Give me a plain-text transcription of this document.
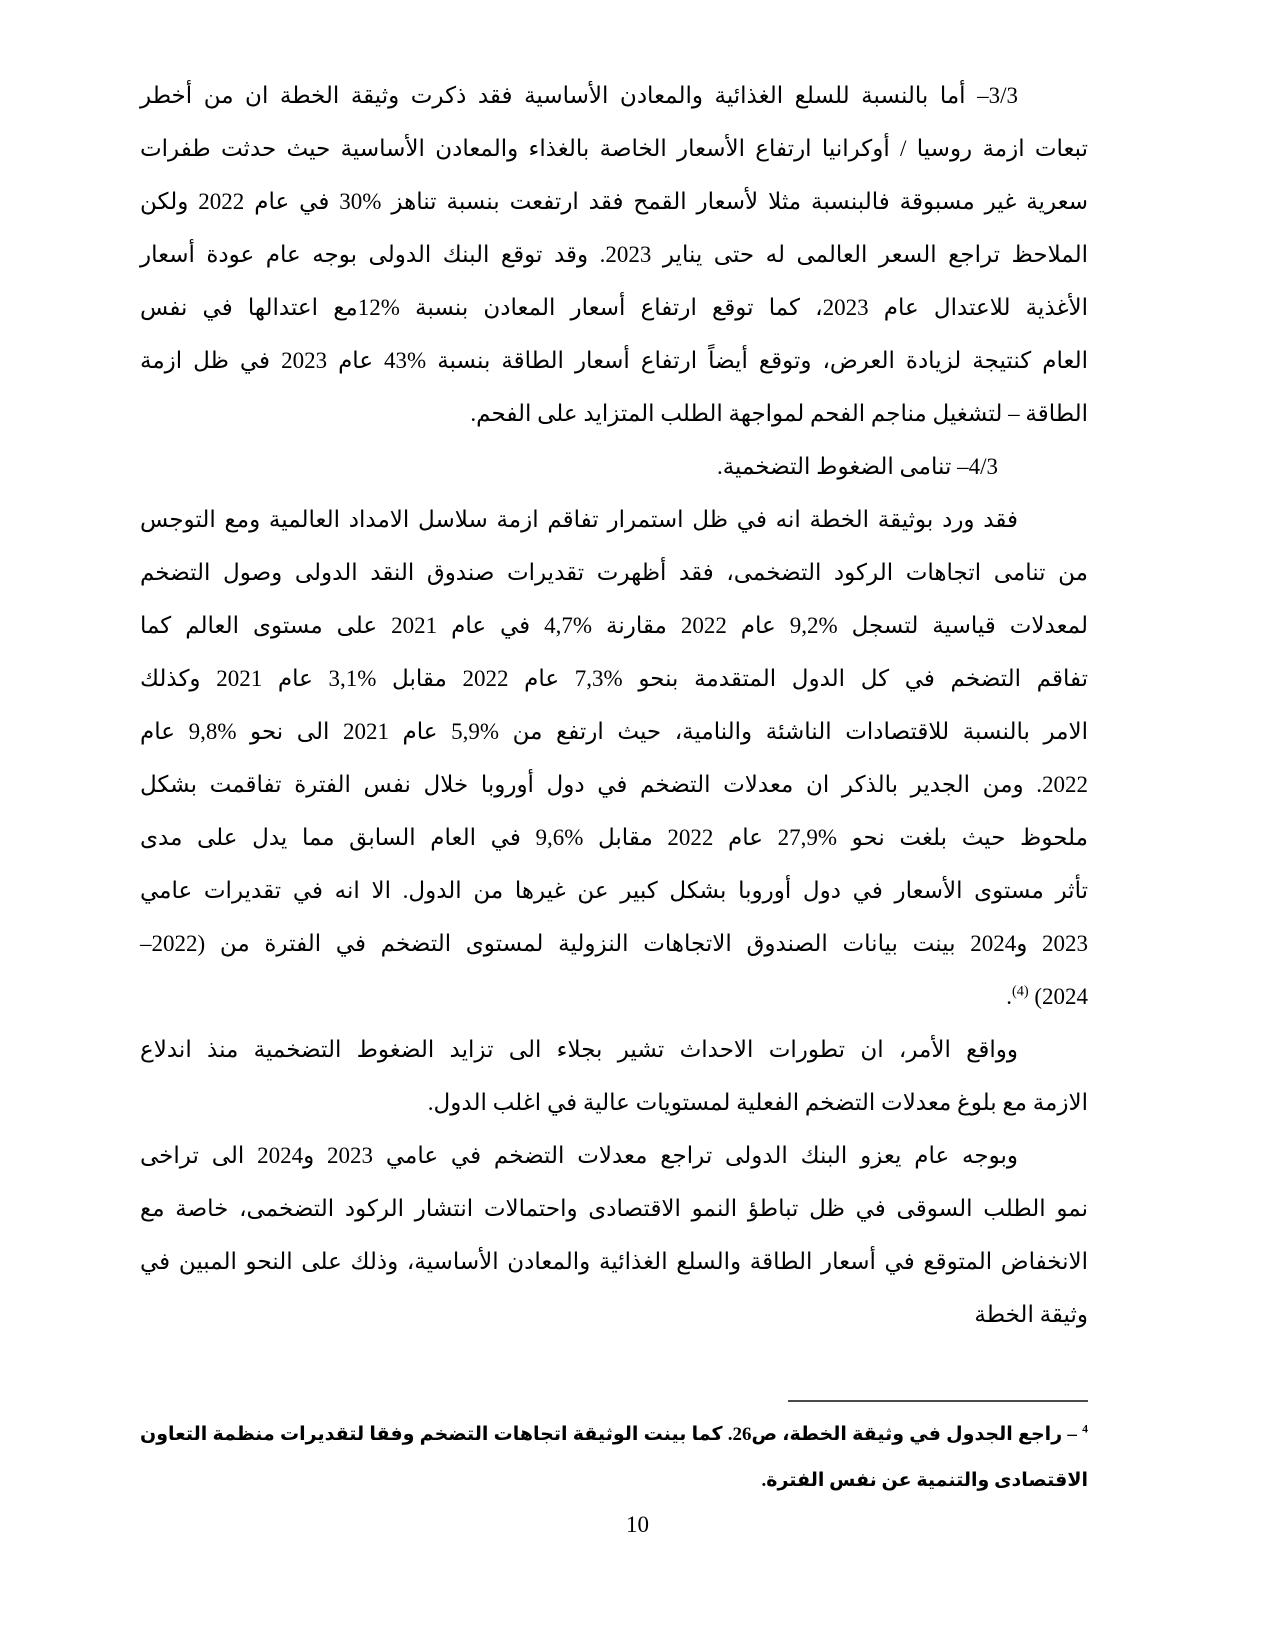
3/3– أما بالنسبة للسلع الغذائية والمعادن الأساسية فقد ذكرت وثيقة الخطة ان من أخطر
تبعات ازمة روسيا / أوكرانيا ارتفاع الأسعار الخاصة بالغذاء والمعادن الأساسية حيث حدثت طفرات
سعرية غير مسبوقة فالبنسبة مثلا لأسعار القمح فقد ارتفعت بنسبة تناهز %30 في عام 2022 ولكن
الملاحظ تراجع السعر العالمى له حتى يناير 2023. وقد توقع البنك الدولى بوجه عام عودة أسعار
الأغذية للاعتدال عام 2023، كما توقع ارتفاع أسعار المعادن بنسبة %12مع اعتدالها في نفس
العام كنتيجة لزيادة العرض، وتوقع أيضاً ارتفاع أسعار الطاقة بنسبة %43 عام 2023 في ظل ازمة
الطاقة – لتشغيل مناجم الفحم لمواجهة الطلب المتزايد على الفحم.
4/3– تنامى الضغوط التضخمية.
فقد ورد بوثيقة الخطة انه في ظل استمرار تفاقم ازمة سلاسل الامداد العالمية ومع التوجس
من تنامى اتجاهات الركود التضخمى، فقد أظهرت تقديرات صندوق النقد الدولى وصول التضخم
لمعدلات قياسية لتسجل %9,2 عام 2022 مقارنة %4,7 في عام 2021 على مستوى العالم كما
تفاقم التضخم في كل الدول المتقدمة بنحو %7,3 عام 2022 مقابل %3,1 عام 2021 وكذلك
الامر بالنسبة للاقتصادات الناشئة والنامية، حيث ارتفع من %5,9 عام 2021 الى نحو %9,8 عام
2022. ومن الجدير بالذكر ان معدلات التضخم في دول أوروبا خلال نفس الفترة تفاقمت بشكل
ملحوظ حيث بلغت نحو %27,9 عام 2022 مقابل %9,6 في العام السابق مما يدل على مدى
تأثر مستوى الأسعار في دول أوروبا بشكل كبير عن غيرها من الدول. الا انه في تقديرات عامي
2023 و2024 بينت بيانات الصندوق الاتجاهات النزولية لمستوى التضخم في الفترة من (2022–
2024) $^{(4)}$.
وواقع الأمر، ان تطورات الاحداث تشير بجلاء الى تزايد الضغوط التضخمية منذ اندلاع
الازمة مع بلوغ معدلات التضخم الفعلية لمستويات عالية في اغلب الدول.
وبوجه عام يعزو البنك الدولى تراجع معدلات التضخم في عامي 2023 و2024 الى تراخى
نمو الطلب السوقى في ظل تباطؤ النمو الاقتصادى واحتمالات انتشار الركود التضخمى، خاصة مع
الانخفاض المتوقع في أسعار الطاقة والسلع الغذائية والمعادن الأساسية، وذلك على النحو المبين في
وثيقة الخطة
$^4$ – راجع الجدول في وثيقة الخطة، ص26. كما بينت الوثيقة اتجاهات التضخم وفقا لتقديرات منظمة التعاون
الاقتصادى والتنمية عن نفس الفترة.
10
